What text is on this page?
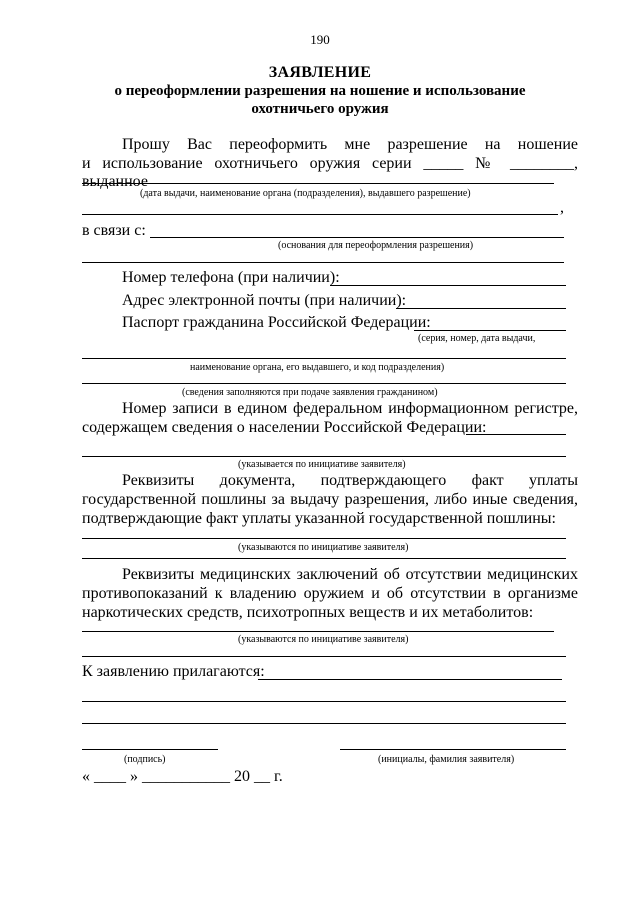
190
ЗАЯВЛЕНИЕ
о переоформлении разрешения на ношение и использование
охотничьего оружия
Прошу Вас переоформить мне разрешение на ношение
и использование охотничьего оружия серии _____ № ________, выданное
(дата выдачи, наименование органа (подразделения), выдавшего разрешение)
,
в связи с:
(основания для переоформления разрешения)
Номер телефона (при наличии):
Адрес электронной почты (при наличии):
Паспорт гражданина Российской Федерации:
(серия, номер, дата выдачи,
наименование органа, его выдавшего, и код подразделения)
(сведения заполняются при подаче заявления гражданином)
Номер записи в едином федеральном информационном регистре,
содержащем сведения о населении Российской Федерации:
(указывается по инициативе заявителя)
Реквизиты документа, подтверждающего факт уплаты
государственной пошлины за выдачу разрешения, либо иные сведения,
подтверждающие факт уплаты указанной государственной пошлины:
(указываются по инициативе заявителя)
Реквизиты медицинских заключений об отсутствии медицинских
противопоказаний к владению оружием и об отсутствии в организме
наркотических средств, психотропных веществ и их метаболитов:
(указываются по инициативе заявителя)
К заявлению прилагаются:
(подпись)	(инициалы, фамилия заявителя)
« ____ » ___________ 20 __ г.
